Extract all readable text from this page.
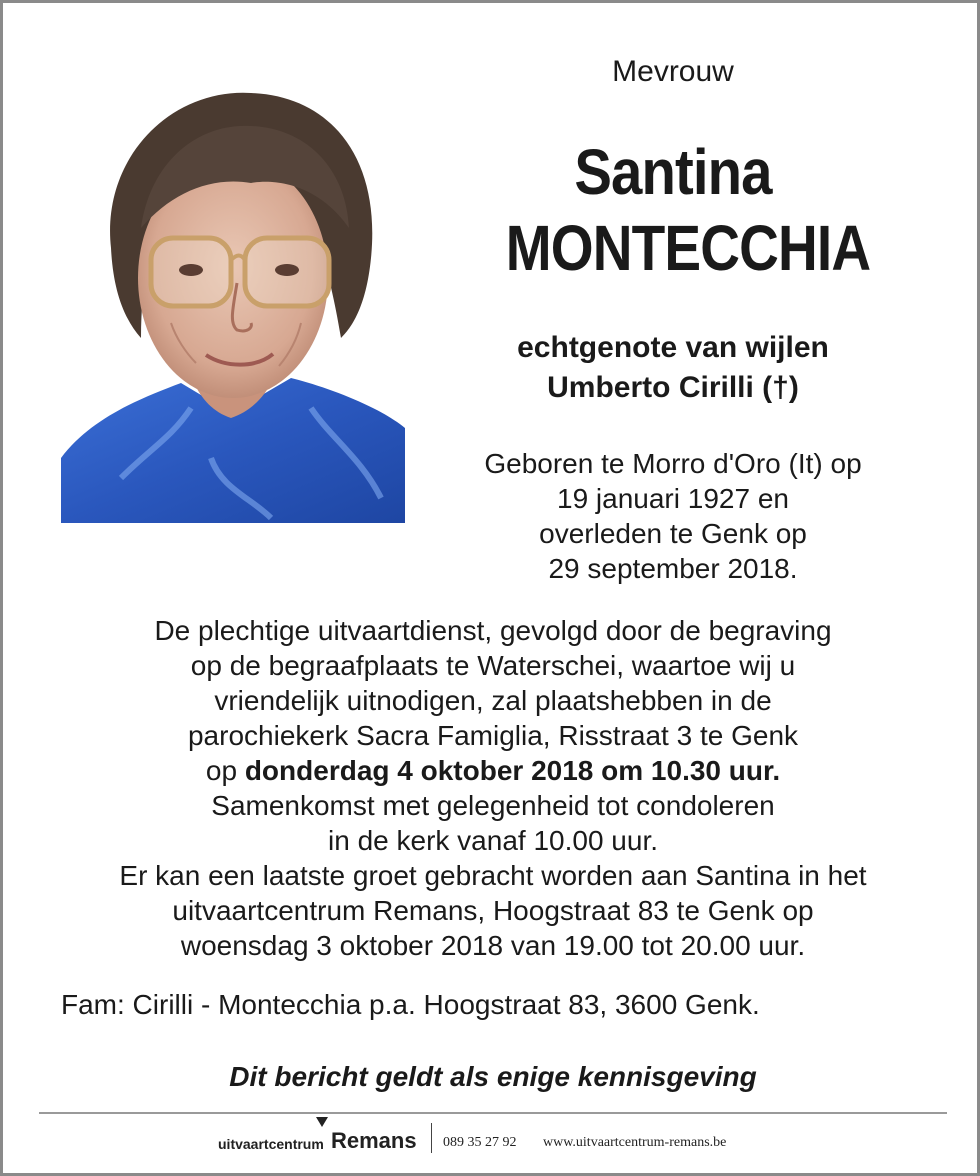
Mevrouw
Santina
MONTECCHIA
echtgenote van wijlen
Umberto Cirilli (†)
Geboren te Morro d'Oro (It) op
19 januari 1927 en
overleden te Genk op
29 september 2018.
De plechtige uitvaartdienst, gevolgd door de begraving
op de begraafplaats te Waterschei, waartoe wij u
vriendelijk uitnodigen, zal plaatshebben in de
parochiekerk Sacra Famiglia, Risstraat 3 te Genk
op donderdag 4 oktober 2018 om 10.30 uur.
Samenkomst met gelegenheid tot condoleren
in de kerk vanaf 10.00 uur.
Er kan een laatste groet gebracht worden aan Santina in het
uitvaartcentrum Remans, Hoogstraat 83 te Genk op
woensdag 3 oktober 2018 van 19.00 tot 20.00 uur.
Fam: Cirilli - Montecchia p.a. Hoogstraat 83, 3600 Genk.
Dit bericht geldt als enige kennisgeving
uitvaartcentrum Remans 089 35 27 92 www.uitvaartcentrum-remans.be
